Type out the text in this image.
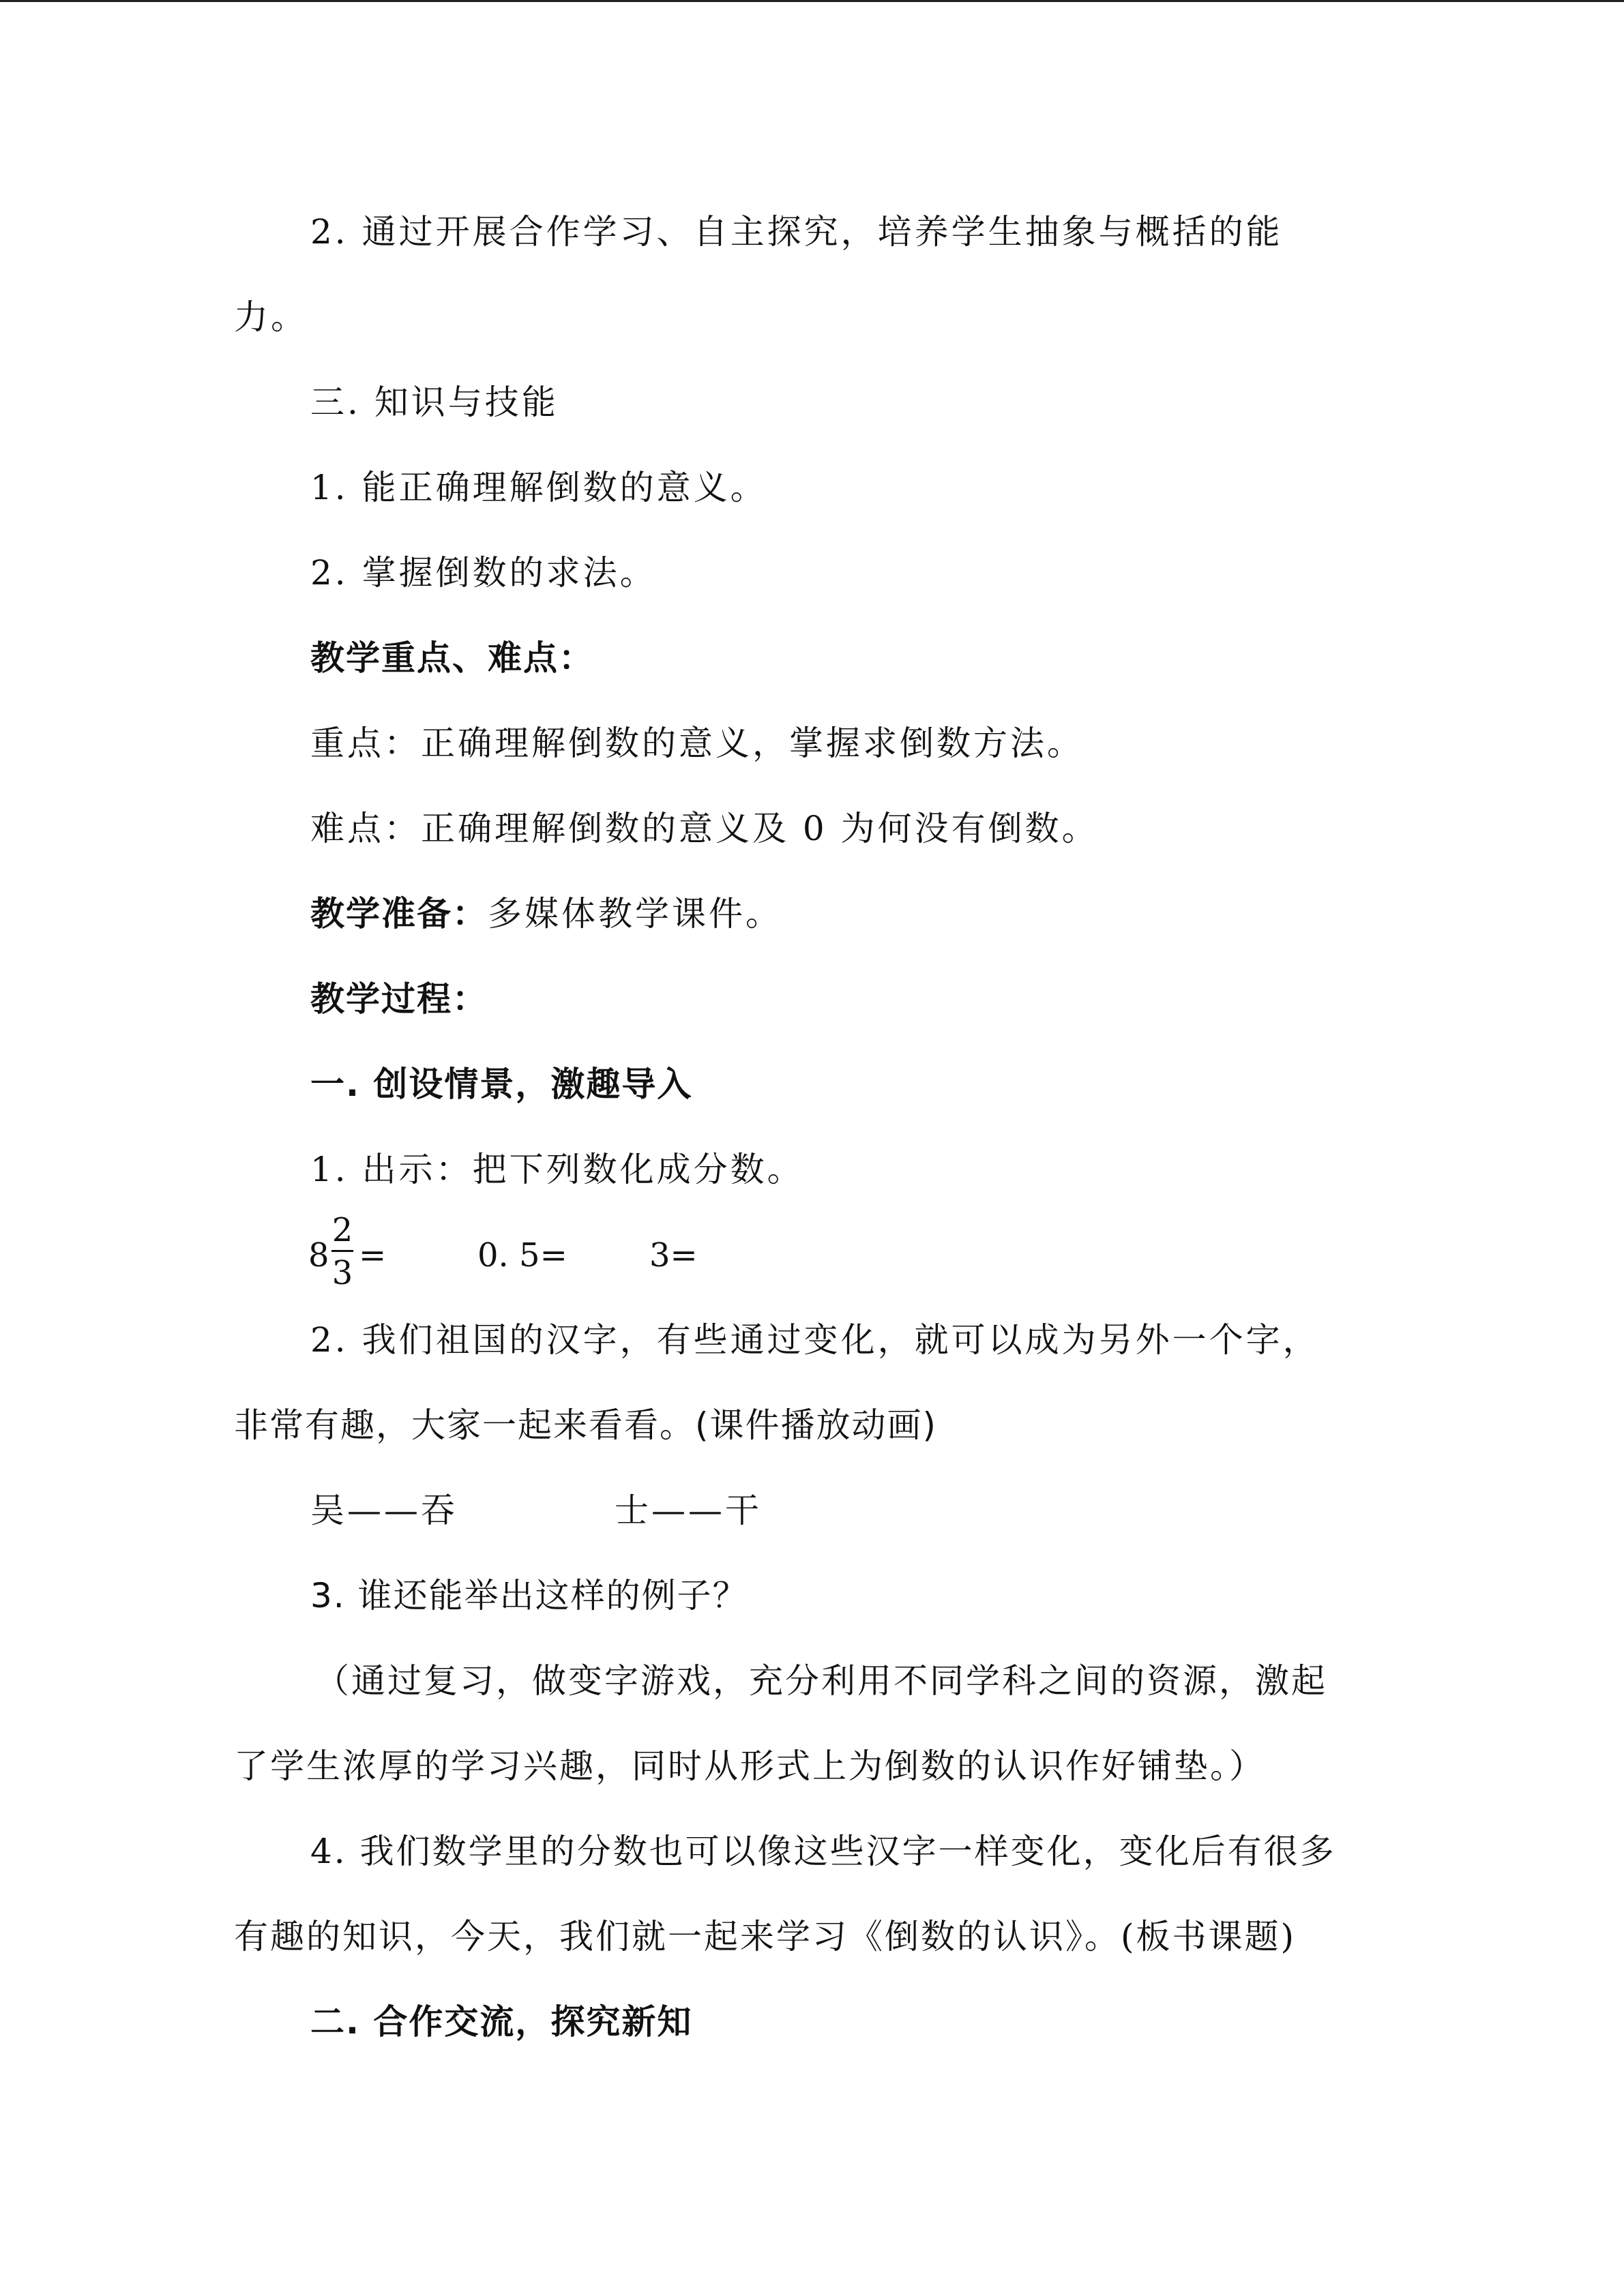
2. 通过开展合作学习、自主探究，培养学生抽象与概括的能
力。
三. 知识与技能
1. 能正确理解倒数的意义。
2. 掌握倒数的求法。
教学重点、难点：
重点：正确理解倒数的意义，掌握求倒数方法。
难点：正确理解倒数的意义及 0 为何没有倒数。
教学准备：多媒体教学课件。
教学过程：
一. 创设情景，激趣导入
1. 出示：把下列数化成分数。
8
2
3 =	0. 5=	3=
2. 我们祖国的汉字，有些通过变化，就可以成为另外一个字，
非常有趣，大家一起来看看。(课件播放动画)
吴——吞	士——干
3. 谁还能举出这样的例子？
（通过复习，做变字游戏，充分利用不同学科之间的资源，激起
了学生浓厚的学习兴趣，同时从形式上为倒数的认识作好铺垫。）
4. 我们数学里的分数也可以像这些汉字一样变化，变化后有很多
有趣的知识，今天，我们就一起来学习《倒数的认识》。(板书课题)
二. 合作交流，探究新知
